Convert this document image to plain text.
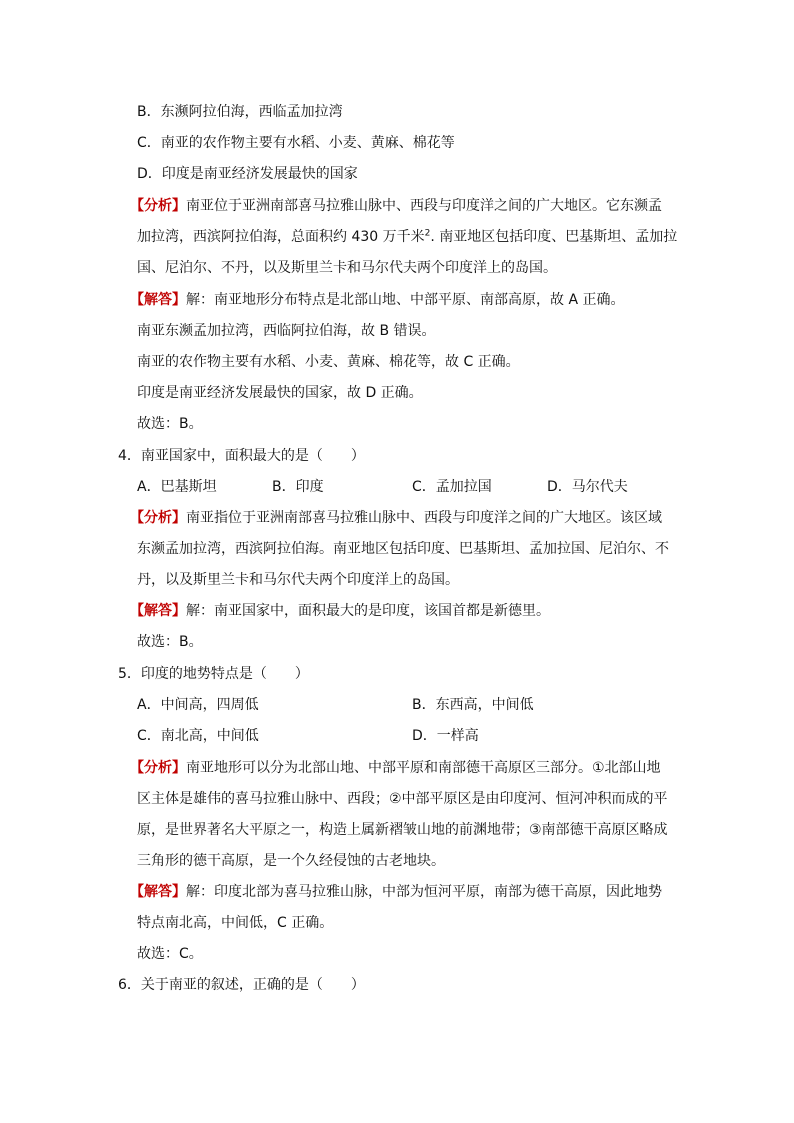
B．东濒阿拉伯海，西临孟加拉湾
C．南亚的农作物主要有水稻、小麦、黄麻、棉花等
D．印度是南亚经济发展最快的国家
【分析】南亚位于亚洲南部喜马拉雅山脉中、西段与印度洋之间的广大地区。它东濒孟
加拉湾，西滨阿拉伯海，总面积约 430 万千米$^2$. 南亚地区包括印度、巴基斯坦、孟加拉
国、尼泊尔、不丹，以及斯里兰卡和马尔代夫两个印度洋上的岛国。
【解答】解：南亚地形分布特点是北部山地、中部平原、南部高原，故 A 正确。
南亚东濒孟加拉湾，西临阿拉伯海，故 B 错误。
南亚的农作物主要有水稻、小麦、黄麻、棉花等，故 C 正确。
印度是南亚经济发展最快的国家，故 D 正确。
故选：B。
4．南亚国家中，面积最大的是（　　）
A．巴基斯坦	B．印度	C．孟加拉国	D．马尔代夫
【分析】南亚指位于亚洲南部喜马拉雅山脉中、西段与印度洋之间的广大地区。该区域
东濒孟加拉湾，西滨阿拉伯海。南亚地区包括印度、巴基斯坦、孟加拉国、尼泊尔、不
丹，以及斯里兰卡和马尔代夫两个印度洋上的岛国。
【解答】解：南亚国家中，面积最大的是印度，该国首都是新德里。
故选：B。
5．印度的地势特点是（　　）
A．中间高，四周低	B．东西高，中间低
C．南北高，中间低	D．一样高
【分析】南亚地形可以分为北部山地、中部平原和南部德干高原区三部分。①北部山地
区主体是雄伟的喜马拉雅山脉中、西段；②中部平原区是由印度河、恒河冲积而成的平
原，是世界著名大平原之一，构造上属新褶皱山地的前渊地带；③南部德干高原区略成
三角形的德干高原，是一个久经侵蚀的古老地块。
【解答】解：印度北部为喜马拉雅山脉，中部为恒河平原，南部为德干高原，因此地势
特点南北高，中间低，C 正确。
故选：C。
6．关于南亚的叙述，正确的是（　　）
